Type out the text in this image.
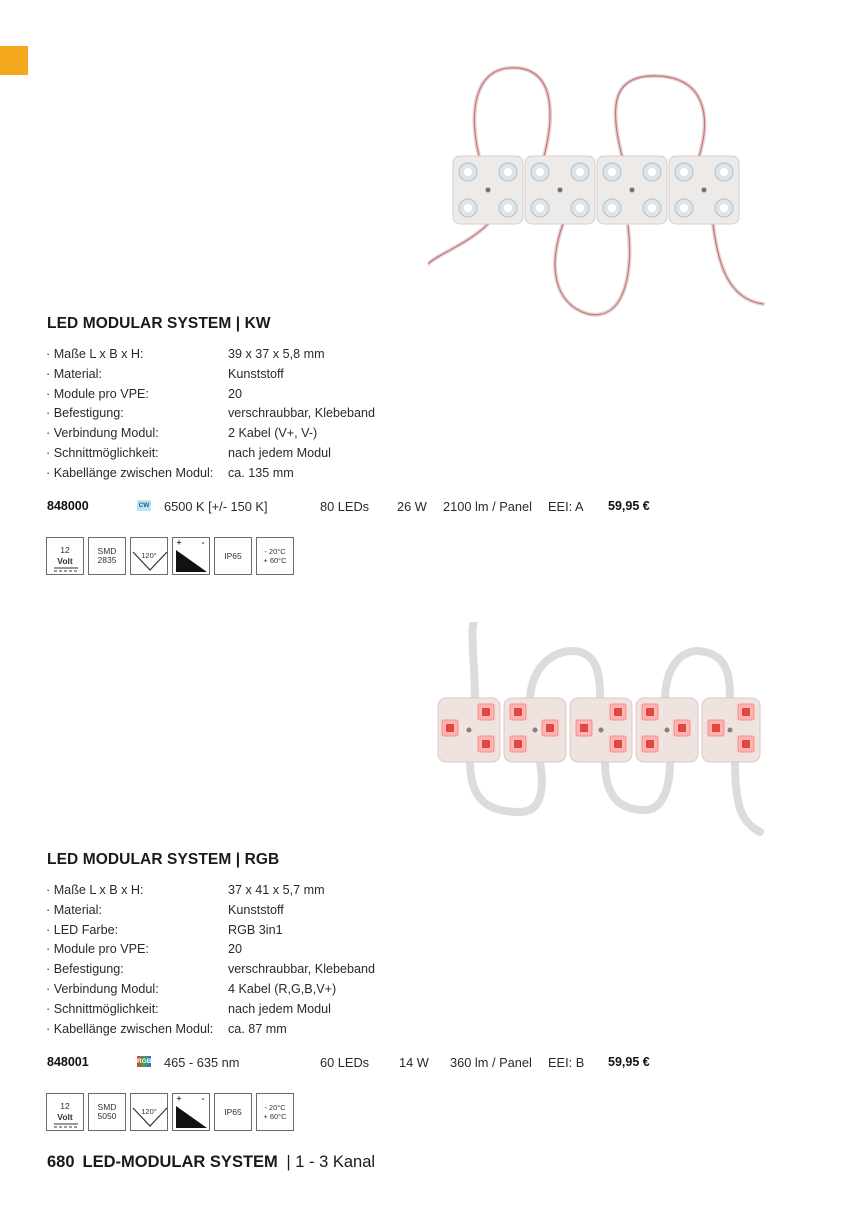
LED MODULAR SYSTEM | KW
· Maße L x B x H:	39 x 37 x 5,8 mm
· Material:	Kunststoff
· Module pro VPE:	20
· Befestigung:	verschraubbar, Klebeband
· Verbindung Modul:	2 Kabel (V+, V-)
· Schnittmöglichkeit:	nach jedem Modul
· Kabellänge zwischen Modul: ca. 135 mm
848000	CW 6500 K [+/- 150 K]	80 LEDs 26 W 2100 lm / Panel EEI: A 59,95 €
12
Volt
SMD
2835	120°
+	-
IP65	- 20°C
+ 60°C
LED MODULAR SYSTEM | RGB
· Maße L x B x H:	37 x 41 x 5,7 mm
· Material:	Kunststoff
· LED Farbe:	RGB 3in1
· Module pro VPE:	20
· Befestigung:	verschraubbar, Klebeband
· Verbindung Modul:	4 Kabel (R,G,B,V+)
· Schnittmöglichkeit:	nach jedem Modul
· Kabellänge zwischen Modul: ca. 87 mm
848001	RGB 465 - 635 nm	60 LEDs 14 W 360 lm / Panel EEI: B 59,95 €
12
Volt
SMD
5050	120°
+	-
IP65	- 20°C
+ 60°C
680 LED-MODULAR SYSTEM | 1 - 3 Kanal
